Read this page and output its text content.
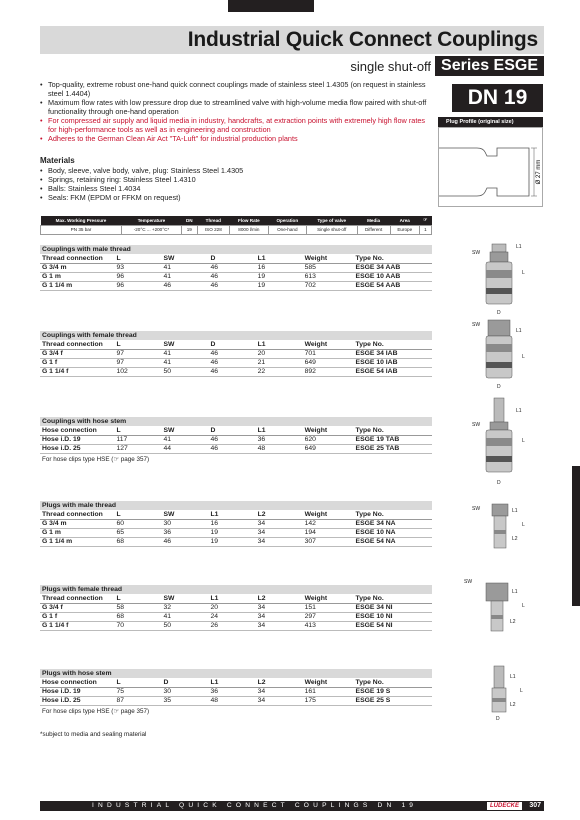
Industrial Quick Connect Couplings
single shut-off Series ESGE
DN 19
Plug Profile (original size)
Ø 27 mm
• Top-quality, extreme robust one-hand quick connect couplings made of stainless steel 1.4305 (on request in stainless steel 1.4404)
• Maximum flow rates with low pressure drop due to streamlined valve with high-volume media flow paired with shut-off functionality through one-hand operation
• For compressed air supply and liquid media in industry, handcrafts, at extraction points with extremely high flow rates for high-performance tools as well as in engineering and construction
• Adheres to the German Clean Air Act "TA-Luft" for industrial production plants
Materials
• Body, sleeve, valve body, valve, plug: Stainless Steel 1.4305
• Springs, retaining ring: Stainless Steel 1.4310
• Balls: Stainless Steel 1.4034
• Seals: FKM (EPDM or FFKM on request)
Max. Working Pressure	Temperature	DN	Thread	Flow Rate	Operation	Type of valve	Media	Area	☞
PN 35 bar	-20°C ... +200°C*	19	ISO 228	8000 l/min	One-hand	Single shut-off	Different	Europe	1
Couplings with male thread
Thread connection	L	SW	D	L1	Weight	Type No.
G 3/4 m	93	41	46	16	585	ESGE 34 AAB
G 1 m	96	41	46	19	613	ESGE 10 AAB
G 1 1/4 m	96	46	46	19	702	ESGE 54 AAB
Couplings with female thread
Thread connection	L	SW	D	L1	Weight	Type No.
G 3/4 f	97	41	46	20	701	ESGE 34 IAB
G 1 f	97	41	46	21	649	ESGE 10 IAB
G 1 1/4 f	102	50	46	22	892	ESGE 54 IAB
Couplings with hose stem
Hose connection	L	SW	D	L1	Weight	Type No.
Hose i.D. 19	117	41	46	36	620	ESGE 19 TAB
Hose i.D. 25	127	44	46	48	649	ESGE 25 TAB
For hose clips type HSE (☞ page 357)
Plugs with male thread
Thread connection	L	SW	L1	L2	Weight	Type No.
G 3/4 m	60	30	16	34	142	ESGE 34 NA
G 1 m	65	36	19	34	194	ESGE 10 NA
G 1 1/4 m	68	46	19	34	307	ESGE 54 NA
Plugs with female thread
Thread connection	L	SW	L1	L2	Weight	Type No.
G 3/4 f	58	32	20	34	151	ESGE 34 NI
G 1 f	68	41	24	34	297	ESGE 10 NI
G 1 1/4 f	70	50	26	34	413	ESGE 54 NI
Plugs with hose stem
Hose connection	L	D	L1	L2	Weight	Type No.
Hose i.D. 19	75	30	36	34	161	ESGE 19 S
Hose i.D. 25	87	35	48	34	175	ESGE 25 S
For hose clips type HSE (☞ page 357)
*subject to media and sealing material
SW
L1
L
D
SW
L1
L
D
SW
L1
L
D
SW	L1
L
L2
SW
L1
L
L2
L1
L
L2
D
INDUSTRIAL QUICK CONNECT COUPLINGS DN 19	LÜDECKE	307
